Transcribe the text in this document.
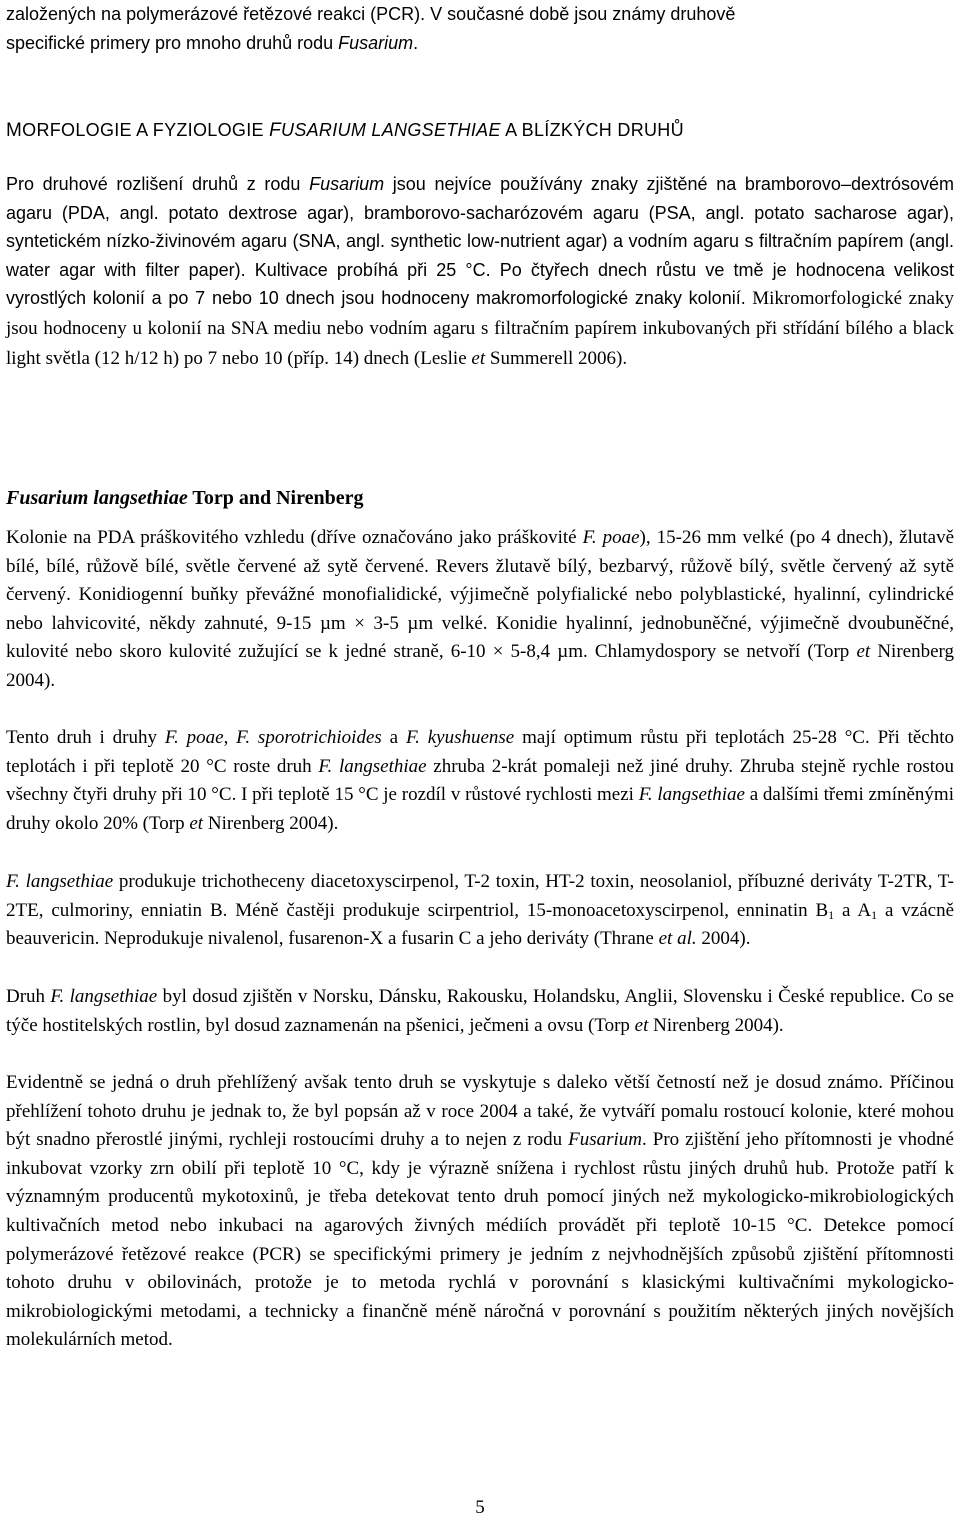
založených na polymerázové řetězové reakci (PCR). V současné době jsou známy druhově
specifické primery pro mnoho druhů rodu Fusarium.

MORFOLOGIE A FYZIOLOGIE FUSARIUM LANGSETHIAE A BLÍZKÝCH DRUHŮ

Pro druhové rozlišení druhů z rodu Fusarium jsou nejvíce používány znaky zjištěné na bramborovo–dextrósovém agaru (PDA, angl. potato dextrose agar), bramborovo-sacharózovém agaru (PSA, angl. potato sacharose agar), syntetickém nízko-živinovém agaru (SNA, angl. synthetic low-nutrient agar) a vodním agaru s filtračním papírem (angl. water agar with filter paper). Kultivace probíhá při 25 °C. Po čtyřech dnech růstu ve tmě je hodnocena velikost vyrostlých kolonií a po 7 nebo 10 dnech jsou hodnoceny makromorfologické znaky kolonií. Mikromorfologické znaky jsou hodnoceny u kolonií na SNA mediu nebo vodním agaru s filtračním papírem inkubovaných při střídání bílého a black light světla (12 h/12 h) po 7 nebo 10 (příp. 14) dnech (Leslie et Summerell 2006).

Fusarium langsethiae Torp and Nirenberg

Kolonie na PDA práškovitého vzhledu (dříve označováno jako práškovité F. poae), 15-26 mm velké (po 4 dnech), žlutavě bílé, bílé, růžově bílé, světle červené až sytě červené. Revers žlutavě bílý, bezbarvý, růžově bílý, světle červený až sytě červený. Konidiogenní buňky převážné monofialidické, výjimečně polyfialické nebo polyblastické, hyalinní, cylindrické nebo lahvicovité, někdy zahnuté, 9-15 µm × 3-5 µm velké. Konidie hyalinní, jednobuněčné, výjimečně dvoubuněčné, kulovité nebo skoro kulovité zužující se k jedné straně, 6-10 × 5-8,4 µm. Chlamydospory se netvoří (Torp et Nirenberg 2004).

Tento druh i druhy F. poae, F. sporotrichioides a F. kyushuense mají optimum růstu při teplotách 25-28 °C. Při těchto teplotách i při teplotě 20 °C roste druh F. langsethiae zhruba 2-krát pomaleji než jiné druhy. Zhruba stejně rychle rostou všechny čtyři druhy při 10 °C. I při teplotě 15 °C je rozdíl v růstové rychlosti mezi F. langsethiae a dalšími třemi zmíněnými druhy okolo 20% (Torp et Nirenberg 2004).

F. langsethiae produkuje trichotheceny diacetoxyscirpenol, T-2 toxin, HT-2 toxin, neosolaniol, příbuzné deriváty T-2TR, T-2TE, culmoriny, enniatin B. Méně častěji produkuje scirpentriol, 15-monoacetoxyscirpenol, enninatin $B_1$ a $A_1$ a vzácně beauvericin. Neprodukuje nivalenol, fusarenon-X a fusarin C a jeho deriváty (Thrane et al. 2004).

Druh F. langsethiae byl dosud zjištěn v Norsku, Dánsku, Rakousku, Holandsku, Anglii, Slovensku i České republice. Co se týče hostitelských rostlin, byl dosud zaznamenán na pšenici, ječmeni a ovsu (Torp et Nirenberg 2004).

Evidentně se jedná o druh přehlížený avšak tento druh se vyskytuje s daleko větší četností než je dosud známo. Příčinou přehlížení tohoto druhu je jednak to, že byl popsán až v roce 2004 a také, že vytváří pomalu rostoucí kolonie, které mohou být snadno přerostlé jinými, rychleji rostoucími druhy a to nejen z rodu Fusarium. Pro zjištění jeho přítomnosti je vhodné inkubovat vzorky zrn obilí při teplotě 10 °C, kdy je výrazně snížena i rychlost růstu jiných druhů hub. Protože patří k významným producentů mykotoxinů, je třeba detekovat tento druh pomocí jiných než mykologicko-mikrobiologických kultivačních metod nebo inkubaci na agarových živných médiích provádět při teplotě 10-15 °C. Detekce pomocí polymerázové řetězové reakce (PCR) se specifickými primery je jedním z nejvhodnějších způsobů zjištění přítomnosti tohoto druhu v obilovinách, protože je to metoda rychlá v porovnání s klasickými kultivačními mykologicko-mikrobiologickými metodami, a technicky a finančně méně náročná v porovnání s použitím některých jiných novějších molekulárních metod.

5
